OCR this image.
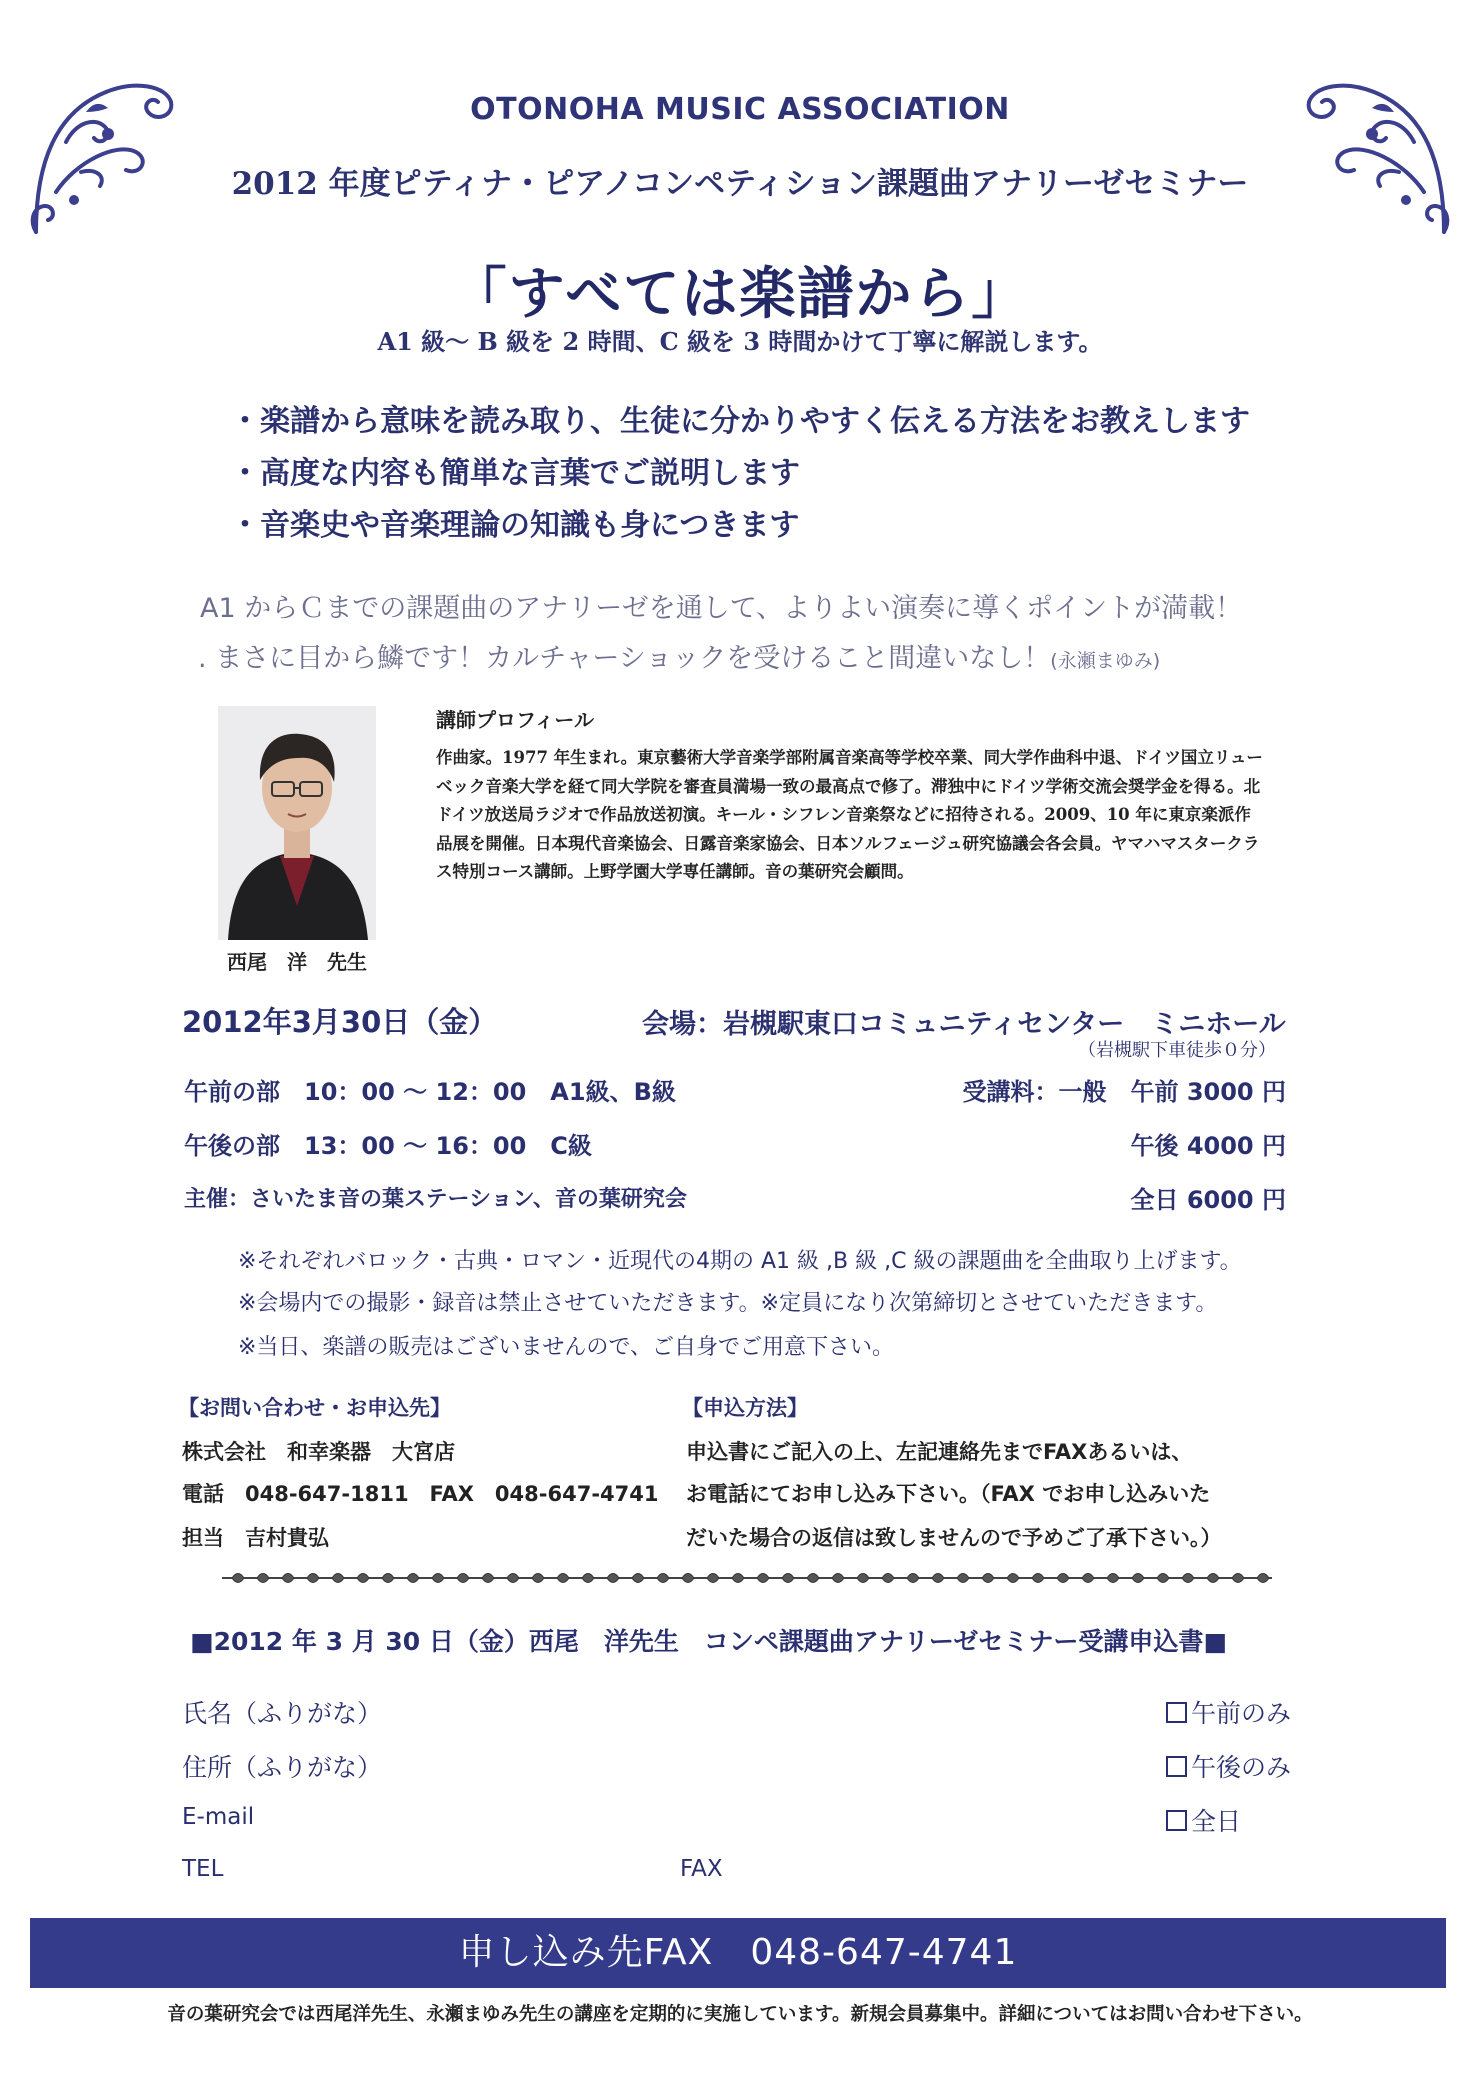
OTONOHA MUSIC ASSOCIATION
2012 年度ピティナ・ピアノコンペティション課題曲アナリーゼセミナー
「すべては楽譜から」
A1 級～ B 級を 2 時間、C 級を 3 時間かけて丁寧に解説します。
・楽譜から意味を読み取り、生徒に分かりやすく伝える方法をお教えします
・高度な内容も簡単な言葉でご説明します
・音楽史や音楽理論の知識も身につきます
A1 からＣまでの課題曲のアナリーゼを通して、よりよい演奏に導くポイントが満載！
. まさに目から鱗です！カルチャーショックを受けること間違いなし！(永瀬まゆみ)
西尾　洋　先生
講師プロフィール
作曲家。1977 年生まれ。東京藝術大学音楽学部附属音楽高等学校卒業、同大学作曲科中退、ドイツ国立リューベック音楽大学を経て同大学院を審査員満場一致の最高点で修了。滞独中にドイツ学術交流会奨学金を得る。北ドイツ放送局ラジオで作品放送初演。キール・シフレン音楽祭などに招待される。2009、10 年に東京楽派作品展を開催。日本現代音楽協会、日露音楽家協会、日本ソルフェージュ研究協議会各会員。ヤマハマスタークラス特別コース講師。上野学園大学専任講師。音の葉研究会顧問。
2012年3月30日（金）	会場：岩槻駅東口コミュニティセンター　ミニホール
（岩槻駅下車徒歩０分）
午前の部　10：00 ～ 12：00　A1級、B級
午後の部　13：00 ～ 16：00　C級
主催：さいたま音の葉ステーション、音の葉研究会
受講料：一般　午前 3000 円
午後 4000 円
全日 6000 円
※それぞれバロック・古典・ロマン・近現代の4期の A1 級 ,B 級 ,C 級の課題曲を全曲取り上げます。
※会場内での撮影・録音は禁止させていただきます。※定員になり次第締切とさせていただきます。
※当日、楽譜の販売はございませんので、ご自身でご用意下さい。
【お問い合わせ・お申込先】
株式会社　和幸楽器　大宮店
電話　048-647-1811　FAX　048-647-4741
担当　吉村貴弘
【申込方法】
申込書にご記入の上、左記連絡先までFAXあるいは、
お電話にてお申し込み下さい。（FAX でお申し込みいた
だいた場合の返信は致しませんので予めご了承下さい。）
■2012 年 3 月 30 日（金）西尾　洋先生　コンペ課題曲アナリーゼセミナー受講申込書■
氏名（ふりがな）
住所（ふりがな）
E-mail
TEL	FAX
午前のみ
午後のみ
全日
申し込み先FAX　048-647-4741
音の葉研究会では西尾洋先生、永瀬まゆみ先生の講座を定期的に実施しています。新規会員募集中。詳細についてはお問い合わせ下さい。
